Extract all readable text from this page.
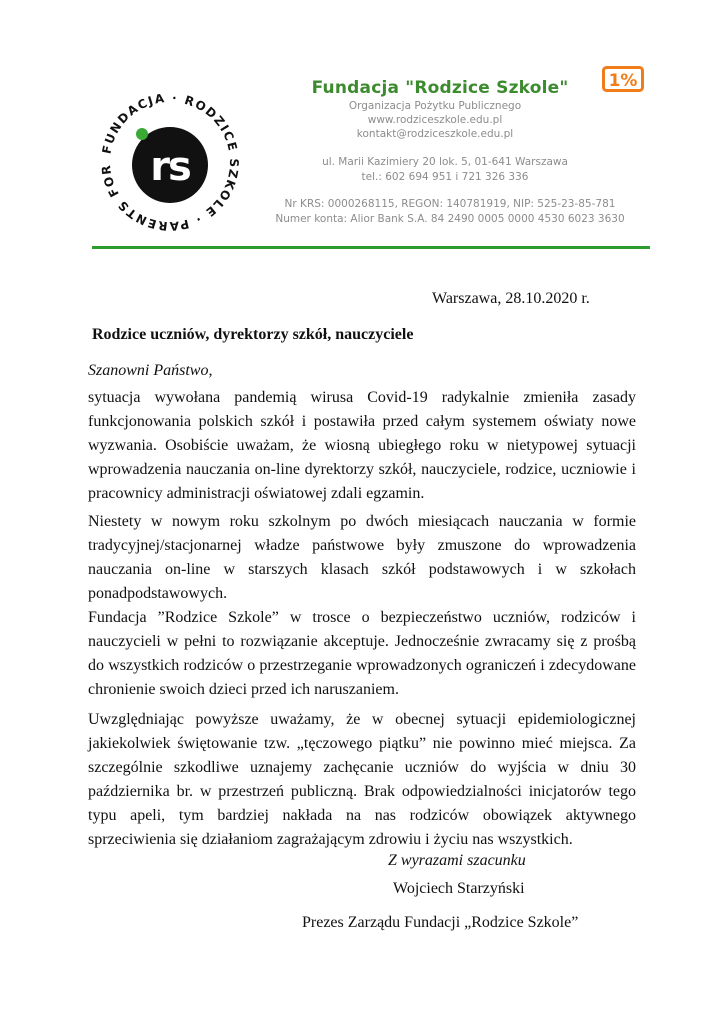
FUNDACJA · RODZICE SZKOLE · PARENTS FOR rs
Fundacja "Rodzice Szkole"	1%
Organizacja Pożytku Publicznego
www.rodziceszkole.edu.pl
kontakt@rodziceszkole.edu.pl
ul. Marii Kazimiery 20 lok. 5, 01-641 Warszawa
tel.: 602 694 951 i 721 326 336
Nr KRS: 0000268115, REGON: 140781919, NIP: 525-23-85-781
Numer konta: Alior Bank S.A. 84 2490 0005 0000 4530 6023 3630
Warszawa, 28.10.2020 r.
Rodzice uczniów, dyrektorzy szkół, nauczyciele
Szanowni Państwo,
sytuacja wywołana pandemią wirusa Covid-19 radykalnie zmieniła zasady funkcjonowania polskich szkół i postawiła przed całym systemem oświaty nowe wyzwania. Osobiście uważam, że wiosną ubiegłego roku w nietypowej sytuacji wprowadzenia nauczania on-line dyrektorzy szkół, nauczyciele, rodzice, uczniowie i pracownicy administracji oświatowej zdali egzamin.
Niestety w nowym roku szkolnym po dwóch miesiącach nauczania w formie tradycyjnej/stacjonarnej władze państwowe były zmuszone do wprowadzenia nauczania on-line w starszych klasach szkół podstawowych i w szkołach ponadpodstawowych.
Fundacja ”Rodzice Szkole” w trosce o bezpieczeństwo uczniów, rodziców i nauczycieli w pełni to rozwiązanie akceptuje. Jednocześnie zwracamy się z prośbą do wszystkich rodziców o przestrzeganie wprowadzonych ograniczeń i zdecydowane chronienie swoich dzieci przed ich naruszaniem.
Uwzględniając powyższe uważamy, że w obecnej sytuacji epidemiologicznej jakiekolwiek świętowanie tzw. „tęczowego piątku” nie powinno mieć miejsca. Za szczególnie szkodliwe uznajemy zachęcanie uczniów do wyjścia w dniu 30 października br. w przestrzeń publiczną. Brak odpowiedzialności inicjatorów tego typu apeli, tym bardziej nakłada na nas rodziców obowiązek aktywnego sprzeciwienia się działaniom zagrażającym zdrowiu i życiu nas wszystkich.
Z wyrazami szacunku
Wojciech Starzyński
Prezes Zarządu Fundacji „Rodzice Szkole”
